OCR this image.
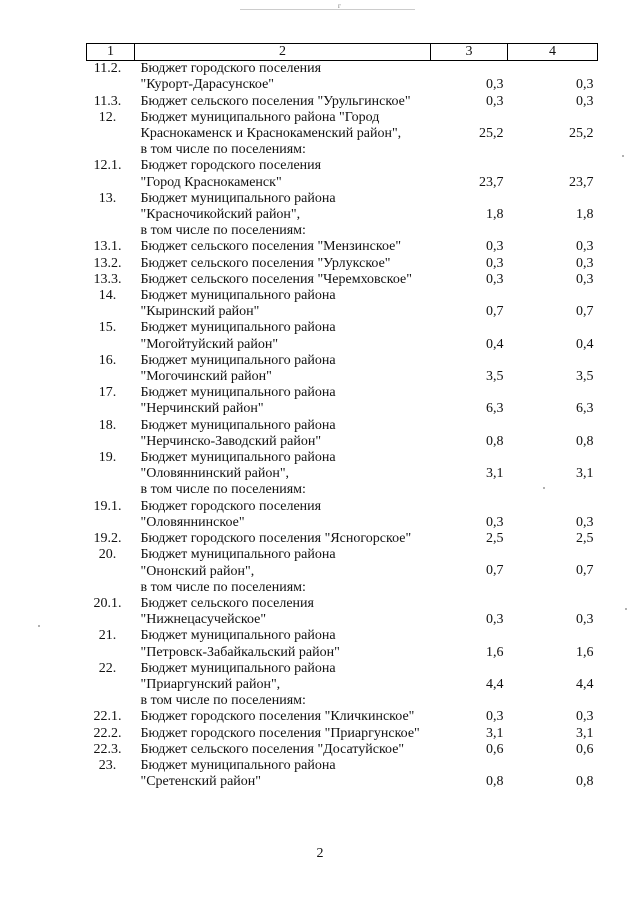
г
1	2	3	4
11.2.	Бюджет городского поселения
"Курорт-Дарасунское"	0,3	0,3
11.3.	Бюджет сельского поселения "Урульгинское"	0,3	0,3
12.	Бюджет муниципального района "Город
Краснокаменск и Краснокаменский район",
в том числе по поселениям:	25,2	25,2
12.1.	Бюджет городского поселения
"Город Краснокаменск"	23,7	23,7
13.	Бюджет муниципального района
"Красночикойский район",
в том числе по поселениям:	1,8	1,8
13.1.	Бюджет сельского поселения "Мензинское"	0,3	0,3
13.2.	Бюджет сельского поселения "Урлукское"	0,3	0,3
13.3.	Бюджет сельского поселения "Черемховское"	0,3	0,3
14.	Бюджет муниципального района
"Кыринский район"	0,7	0,7
15.	Бюджет муниципального района
"Могойтуйский район"	0,4	0,4
16.	Бюджет муниципального района
"Могочинский район"	3,5	3,5
17.	Бюджет муниципального района
"Нерчинский район"	6,3	6,3
18.	Бюджет муниципального района
"Нерчинско-Заводский район"	0,8	0,8
19.	Бюджет муниципального района
"Оловяннинский район",
в том числе по поселениям:	3,1	3,1
19.1.	Бюджет городского поселения
"Оловяннинское"	0,3	0,3
19.2.	Бюджет городского поселения "Ясногорское"	2,5	2,5
20.	Бюджет муниципального района
"Ононский район",
в том числе по поселениям:	0,7	0,7
20.1.	Бюджет сельского поселения
"Нижнецасучейское"	0,3	0,3
21.	Бюджет муниципального района
"Петровск-Забайкальский район"	1,6	1,6
22.	Бюджет муниципального района
"Приаргунский район",
в том числе по поселениям:	4,4	4,4
22.1.	Бюджет городского поселения "Кличкинское"	0,3	0,3
22.2.	Бюджет городского поселения "Приаргунское"	3,1	3,1
22.3.	Бюджет сельского поселения "Досатуйское"	0,6	0,6
23.	Бюджет муниципального района
"Сретенский район"	0,8	0,8
2
